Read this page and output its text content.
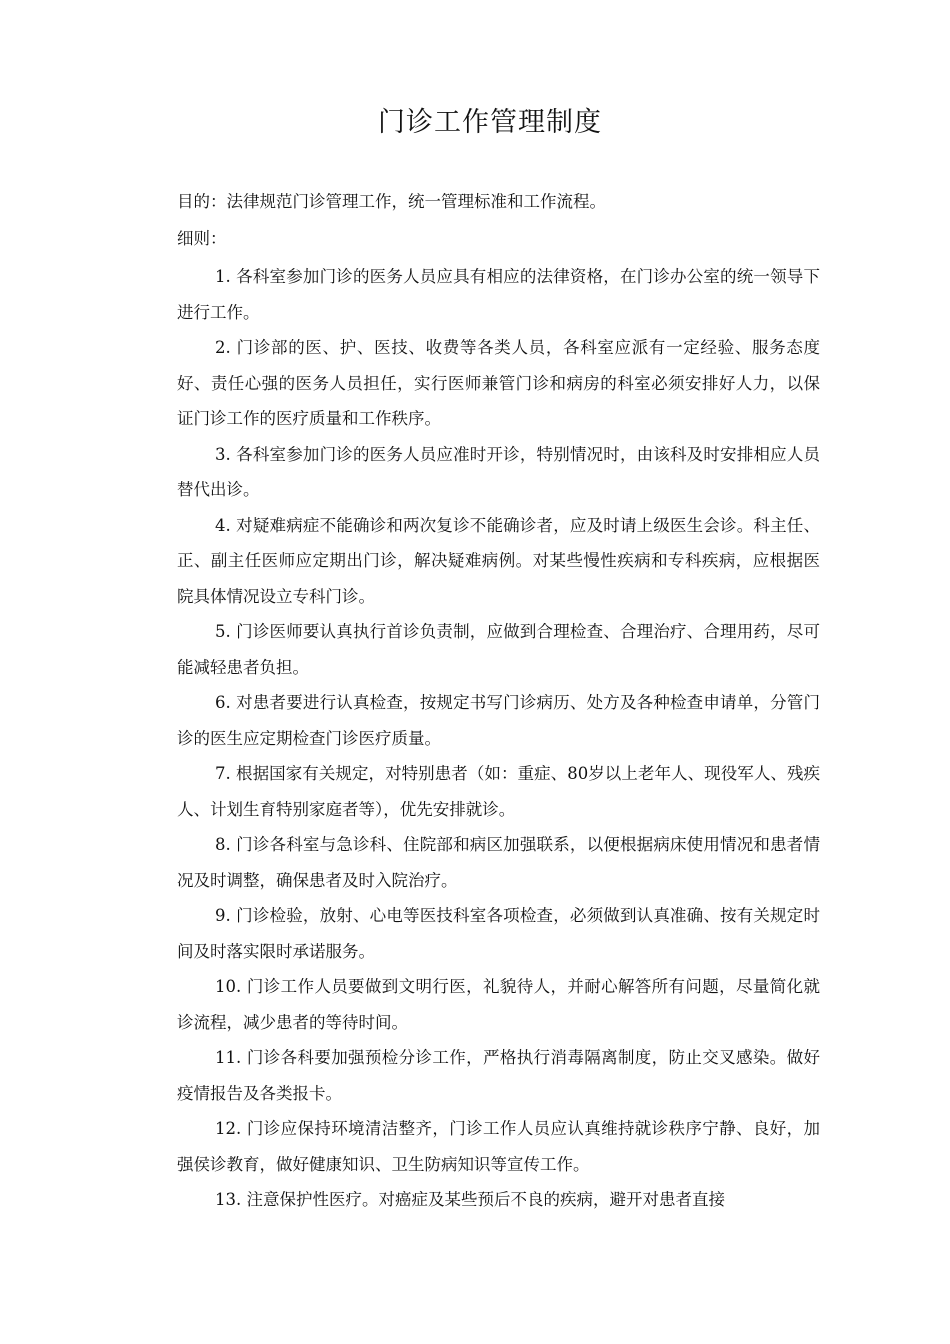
门诊工作管理制度

目的：法律规范门诊管理工作，统一管理标准和工作流程。

细则：

1. 各科室参加门诊的医务人员应具有相应的法律资格，在门诊办公室的统一领导下进行工作。
2. 门诊部的医、护、医技、收费等各类人员，各科室应派有一定经验、服务态度好、责任心强的医务人员担任，实行医师兼管门诊和病房的科室必须安排好人力，以保证门诊工作的医疗质量和工作秩序。
3. 各科室参加门诊的医务人员应准时开诊，特别情况时，由该科及时安排相应人员替代出诊。
4. 对疑难病症不能确诊和两次复诊不能确诊者，应及时请上级医生会诊。科主任、正、副主任医师应定期出门诊，解决疑难病例。对某些慢性疾病和专科疾病，应根据医院具体情况设立专科门诊。
5. 门诊医师要认真执行首诊负责制，应做到合理检查、合理治疗、合理用药，尽可能减轻患者负担。
6. 对患者要进行认真检查，按规定书写门诊病历、处方及各种检查申请单，分管门诊的医生应定期检查门诊医疗质量。
7. 根据国家有关规定，对特别患者（如：重症、80岁以上老年人、现役军人、残疾人、计划生育特别家庭者等），优先安排就诊。
8. 门诊各科室与急诊科、住院部和病区加强联系，以便根据病床使用情况和患者情况及时调整，确保患者及时入院治疗。
9. 门诊检验，放射、心电等医技科室各项检查，必须做到认真准确、按有关规定时间及时落实限时承诺服务。
10. 门诊工作人员要做到文明行医，礼貌待人，并耐心解答所有问题，尽量简化就诊流程，减少患者的等待时间。
11. 门诊各科要加强预检分诊工作，严格执行消毒隔离制度，防止交叉感染。做好疫情报告及各类报卡。
12. 门诊应保持环境清洁整齐，门诊工作人员应认真维持就诊秩序宁静、良好，加强侯诊教育，做好健康知识、卫生防病知识等宣传工作。
13. 注意保护性医疗。对癌症及某些预后不良的疾病，避开对患者直接
